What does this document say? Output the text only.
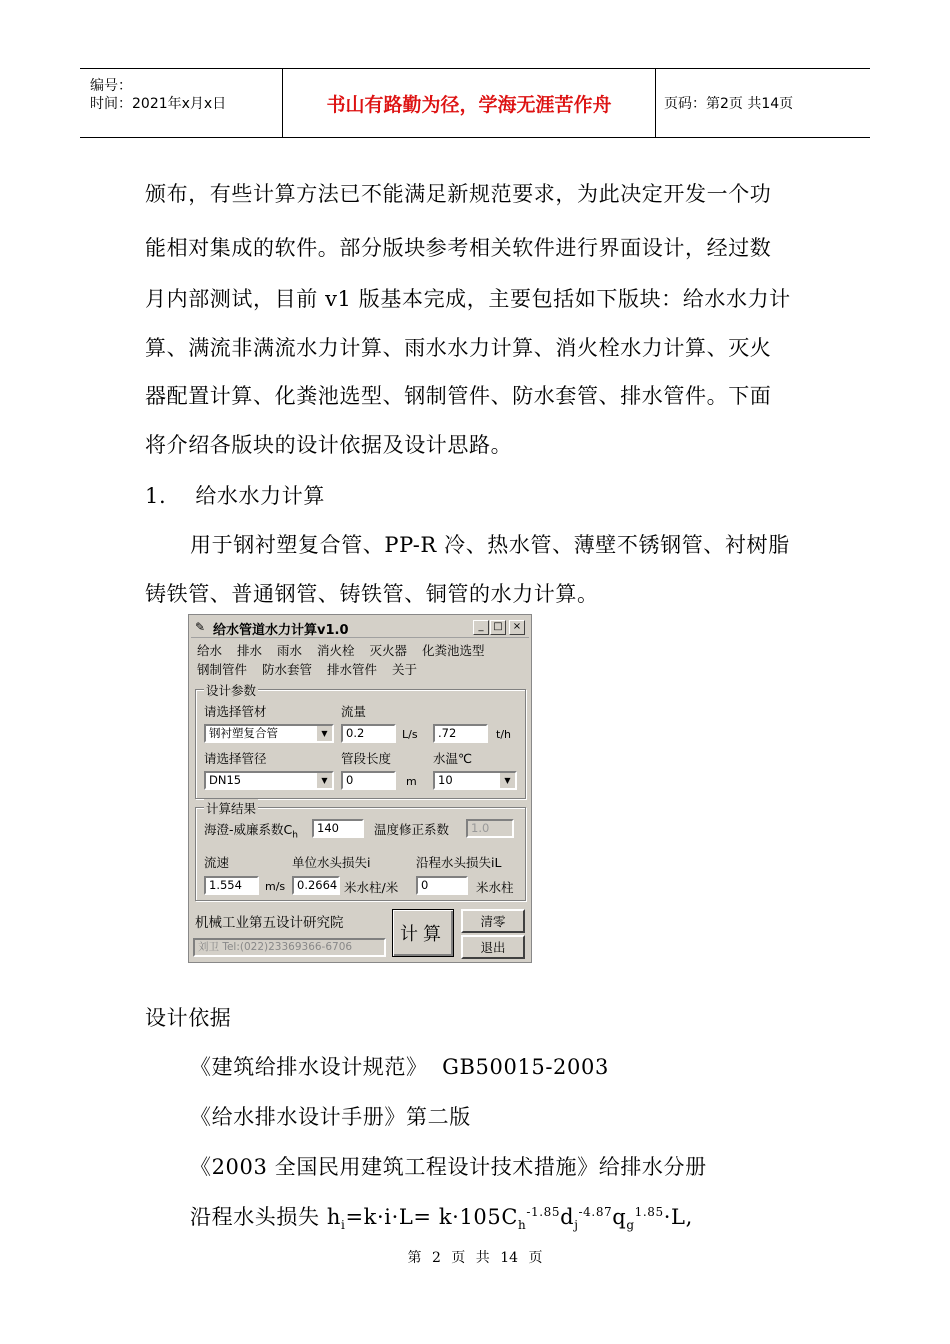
编号：
时间：2021年x月x日	书山有路勤为径，学海无涯苦作舟	页码：第2页 共14页
颁布，有些计算方法已不能满足新规范要求，为此决定开发一个功
能相对集成的软件。部分版块参考相关软件进行界面设计，经过数
月内部测试，目前 v1 版基本完成，主要包括如下版块：给水水力计
算、满流非满流水力计算、雨水水力计算、消火栓水力计算、灭火
器配置计算、化粪池选型、钢制管件、防水套管、排水管件。下面
将介绍各版块的设计依据及设计思路。
1.    给水水力计算
用于钢衬塑复合管、PP-R 冷、热水管、薄壁不锈钢管、衬树脂
铸铁管、普通钢管、铸铁管、铜管的水力计算。
✎ 给水管道水力计算v1.0	_ □	×
给水 排水 雨水 消火栓 灭火器 化粪池选型
钢制管件 防水套管 排水管件 关于
设计参数
请选择管材
钢衬塑复合管	▼
流量
0.2	L/s	.72	t/h
请选择管径
DN15	▼
管段长度
0	m
水温℃
10	▼
计算结果
海澄-威廉系数$C_h$
140	温度修正系数	1.0
流速	单位水头损失i	沿程水头损失iL
1.554	m/s	0.2664 米水柱/米	0	米水柱
机械工业第五设计研究院
刘卫 Tel:(022)23369366-6706
计算
清零
退出
设计依据
《建筑给排水设计规范》  GB50015-2003
《给水排水设计手册》第二版
《2003 全国民用建筑工程设计技术措施》给排水分册
沿程水头损失 $h_i=k\cdot i\cdot L= k\cdot 105C_h^{-1.85}d_j^{-4.87}q_g^{1.85}\cdot L$,
第 2 页 共 14 页
